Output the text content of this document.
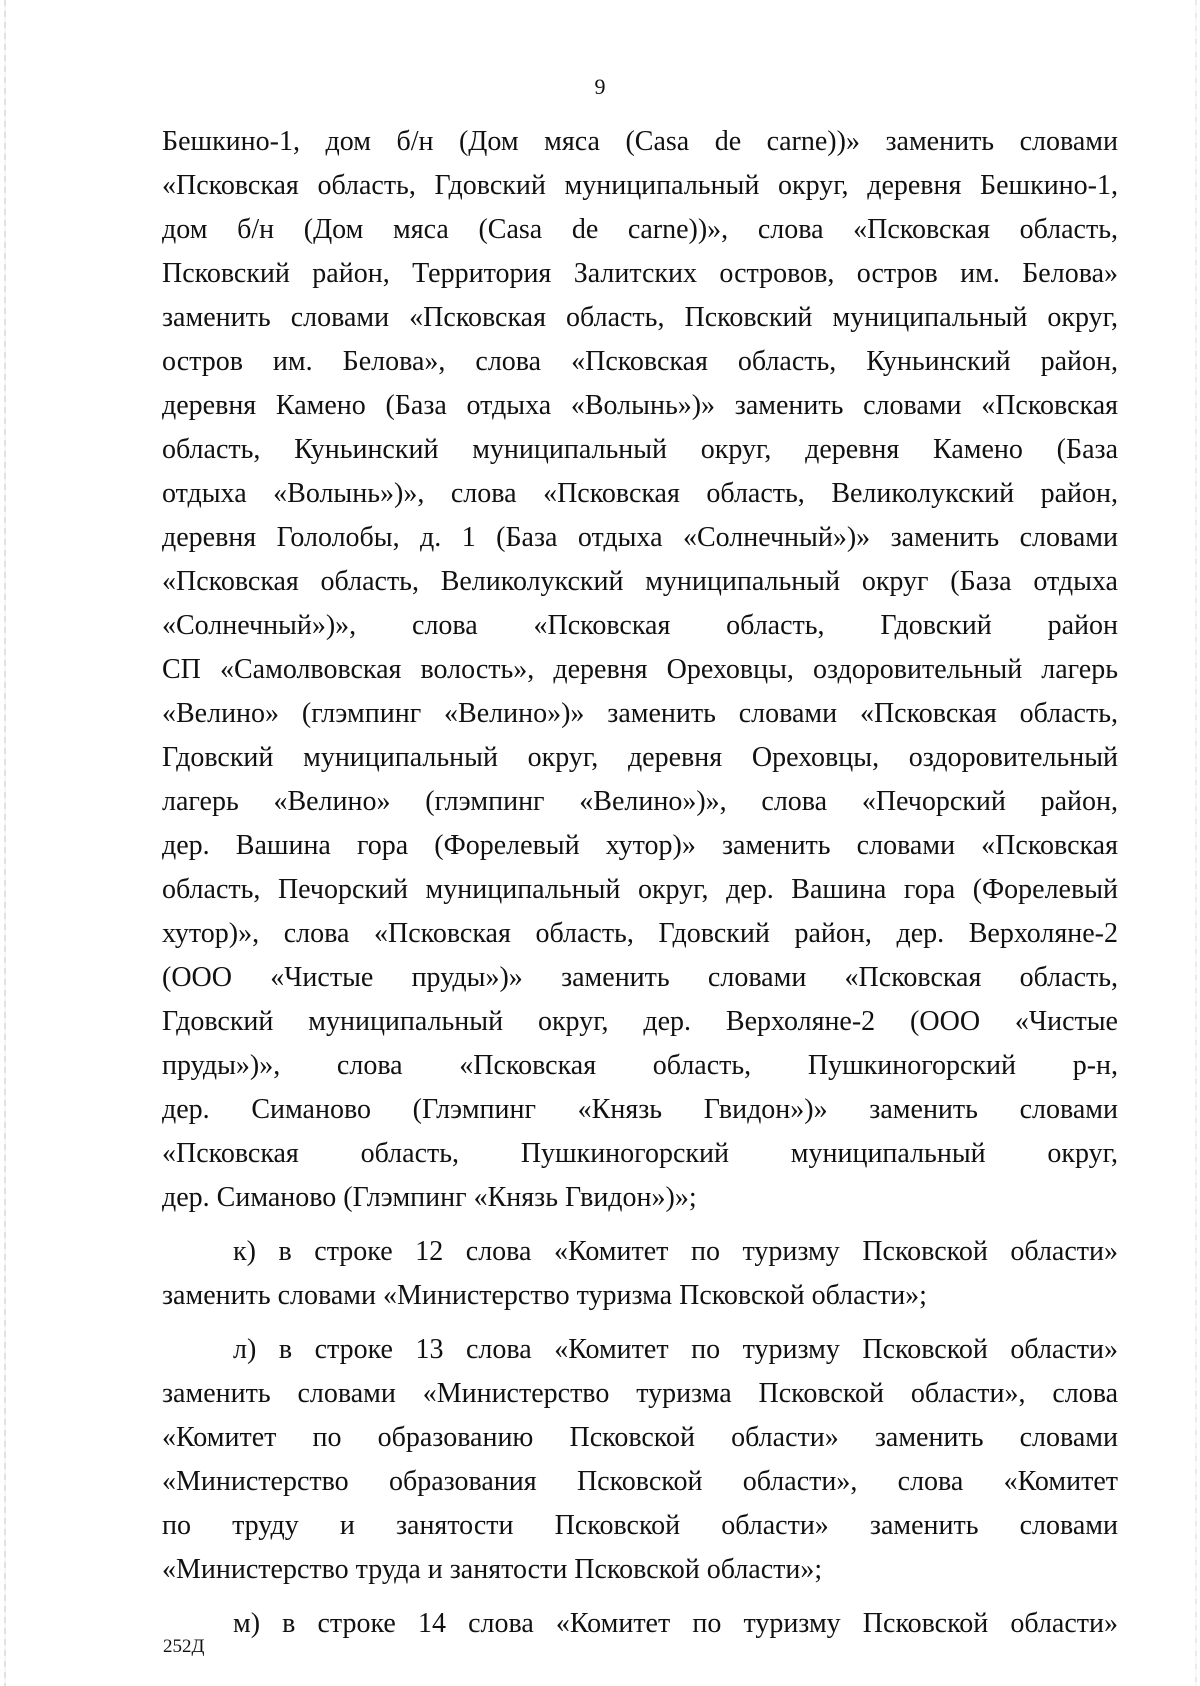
9
Бешкино-1, дом б/н (Дом мяса (Casa de carne))» заменить словами
«Псковская область, Гдовский муниципальный округ, деревня Бешкино-1,
дом б/н (Дом мяса (Casa de carne))», слова «Псковская область,
Псковский район, Территория Залитских островов, остров им. Белова»
заменить словами «Псковская область, Псковский муниципальный округ,
остров им. Белова», слова «Псковская область, Куньинский район,
деревня Камено (База отдыха «Волынь»)» заменить словами «Псковская
область, Куньинский муниципальный округ, деревня Камено (База
отдыха «Волынь»)», слова «Псковская область, Великолукский район,
деревня Гололобы, д. 1 (База отдыха «Солнечный»)» заменить словами
«Псковская область, Великолукский муниципальный округ (База отдыха
«Солнечный»)», слова «Псковская область, Гдовский район
СП «Самолвовская волость», деревня Ореховцы, оздоровительный лагерь
«Велино» (глэмпинг «Велино»)» заменить словами «Псковская область,
Гдовский муниципальный округ, деревня Ореховцы, оздоровительный
лагерь «Велино» (глэмпинг «Велино»)», слова «Печорский район,
дер. Вашина гора (Форелевый хутор)» заменить словами «Псковская
область, Печорский муниципальный округ, дер. Вашина гора (Форелевый
хутор)», слова «Псковская область, Гдовский район, дер. Верхоляне-2
(ООО «Чистые пруды»)» заменить словами «Псковская область,
Гдовский муниципальный округ, дер. Верхоляне-2 (ООО «Чистые
пруды»)», слова «Псковская область, Пушкиногорский р-н,
дер. Симаново (Глэмпинг «Князь Гвидон»)» заменить словами
«Псковская область, Пушкиногорский муниципальный округ,
дер. Симаново (Глэмпинг «Князь Гвидон»)»;
к) в строке 12 слова «Комитет по туризму Псковской области»
заменить словами «Министерство туризма Псковской области»;
л) в строке 13 слова «Комитет по туризму Псковской области»
заменить словами «Министерство туризма Псковской области», слова
«Комитет по образованию Псковской области» заменить словами
«Министерство образования Псковской области», слова «Комитет
по труду и занятости Псковской области» заменить словами
«Министерство труда и занятости Псковской области»;
м) в строке 14 слова «Комитет по туризму Псковской области»
252Д
